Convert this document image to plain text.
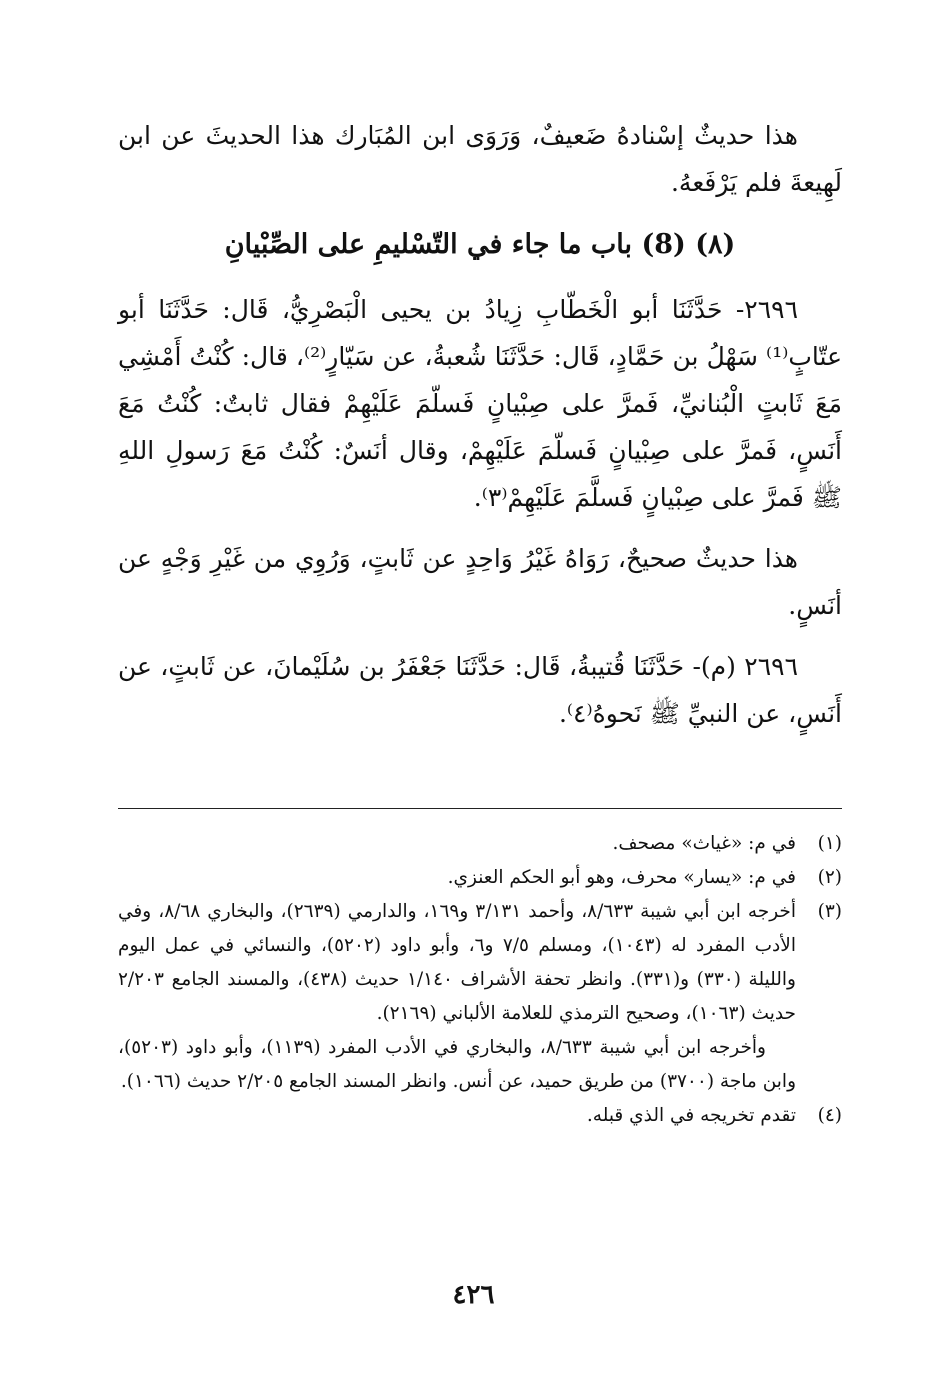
هذا حديثٌ إسْنادهُ ضَعيفٌ، وَرَوَى ابن المُبَارك هذا الحديثَ عن ابن لَهِيعةَ فلم يَرْفَعهُ.

(٨) (8) باب ما جاء في التّسْليمِ على الصِّبْيانِ

٢٦٩٦- حَدَّثَنَا أبو الْخَطّابِ زِيادُ بن يحيى الْبَصْرِيُّ، قَال: حَدَّثَنَا أبو عتّابٍ⁽¹⁾ سَهْلُ بن حَمَّادٍ، قَال: حَدَّثَنَا شُعبةُ، عن سَيّارٍ⁽²⁾، قال: كُنْتُ أَمْشِي مَعَ ثَابتٍ الْبُنانيِّ، فَمرَّ على صِبْيانٍ فَسلّمَ عَلَيْهِمْ فقال ثابتٌ: كُنْتُ مَعَ أَنَسٍ، فَمرَّ على صِبْيانٍ فَسلّمَ عَلَيْهِمْ، وقال أنَسٌ: كُنْتُ مَعَ رَسولِ اللهِ ﷺ فَمرَّ على صِبْيانٍ فَسلَّمَ عَلَيْهِمْ⁽٣⁾.

هذا حديثٌ صحيحٌ، رَوَاهُ غَيْرُ وَاحِدٍ عن ثَابتٍ، وَرُوِي من غَيْرِ وَجْهٍ عن أنَسٍ.

٢٦٩٦ (م)- حَدَّثَنَا قُتيبةُ، قَال: حَدَّثَنَا جَعْفَرُ بن سُلَيْمانَ، عن ثَابتٍ، عن أَنَسٍ، عن النبيِّ ﷺ نَحوهُ⁽٤⁾.

(١)
في م: «غياث» مصحف.
(٢)
في م: «يسار» محرف، وهو أبو الحكم العنزي.
(٣)
أخرجه ابن أبي شيبة ٨/٦٣٣، وأحمد ٣/١٣١ و١٦٩، والدارمي (٢٦٣٩)، والبخاري ٨/٦٨، وفي الأدب المفرد له (١٠٤٣)، ومسلم ٧/٥ و٦، وأبو داود (٥٢٠٢)، والنسائي في عمل اليوم والليلة (٣٣٠) و(٣٣١). وانظر تحفة الأشراف ١/١٤٠ حديث (٤٣٨)، والمسند الجامع ٢/٢٠٣ حديث (١٠٦٣)، وصحيح الترمذي للعلامة الألباني (٢١٦٩).
وأخرجه ابن أبي شيبة ٨/٦٣٣، والبخاري في الأدب المفرد (١١٣٩)، وأبو داود (٥٢٠٣)، وابن ماجة (٣٧٠٠) من طريق حميد، عن أنس. وانظر المسند الجامع ٢/٢٠٥ حديث (١٠٦٦).
(٤)
تقدم تخريجه في الذي قبله.
٤٢٦
